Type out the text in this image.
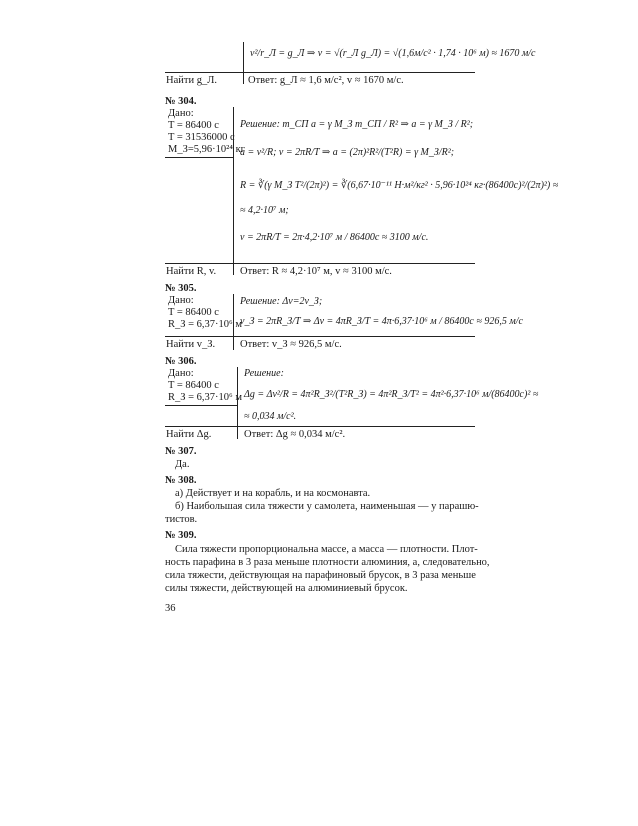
v²/r_Л = g_Л ⇒ v = √(r_Л g_Л) = √(1,6м/с² · 1,74 · 10⁶ м) ≈ 1670 м/с
Найти g_Л.	Ответ: g_Л ≈ 1,6 м/с², v ≈ 1670 м/с.
№ 304.
Дано:
T = 86400 с
T = 31536000 с
M_З=5,96·10²⁴ кг
Решение: m_СП a = γ M_З m_СП / R² ⇒ a = γ M_З / R²;
a = v²/R; v = 2πR/T ⇒ a = (2π)²R²/(T²R) = γ M_З/R²;
R = ∛(γ M_З T²/(2π)²) = ∛(6,67·10⁻¹¹ Н·м²/кг² · 5,96·10²⁴ кг·(86400с)²/(2π)²) ≈
≈ 4,2·10⁷ м;
v = 2πR/T = 2π·4,2·10⁷ м / 86400с ≈ 3100 м/с.
Найти R, v. Ответ: R ≈ 4,2·10⁷ м, v ≈ 3100 м/с.
№ 305.
Дано:
T = 86400 с
R_З = 6,37·10⁶ м
Решение: Δv=2v_З;
v_З = 2πR_З/T ⇒ Δv = 4πR_З/T = 4π·6,37·10⁶ м / 86400с ≈ 926,5 м/с
Найти v_З. Ответ: v_З ≈ 926,5 м/с.
№ 306.
Дано:
T = 86400 с
R_З = 6,37·10⁶ м
Решение:
Δg = Δv²/R = 4π²R_З²/(T²R_З) = 4π²R_З/T² = 4π²·6,37·10⁶ м/(86400с)² ≈
≈ 0,034 м/с².
Найти Δg.	Ответ: Δg ≈ 0,034 м/с².
№ 307.
Да.
№ 308.
а) Действует и на корабль, и на космонавта.
б) Наибольшая сила тяжести у самолета, наименьшая — у парашю-
тистов.
№ 309.
Сила тяжести пропорциональна массе, а масса — плотности. Плот-
ность парафина в 3 раза меньше плотности алюминия, а, следовательно,
сила тяжести, действующая на парафиновый брусок, в 3 раза меньше
силы тяжести, действующей на алюминиевый брусок.
36
